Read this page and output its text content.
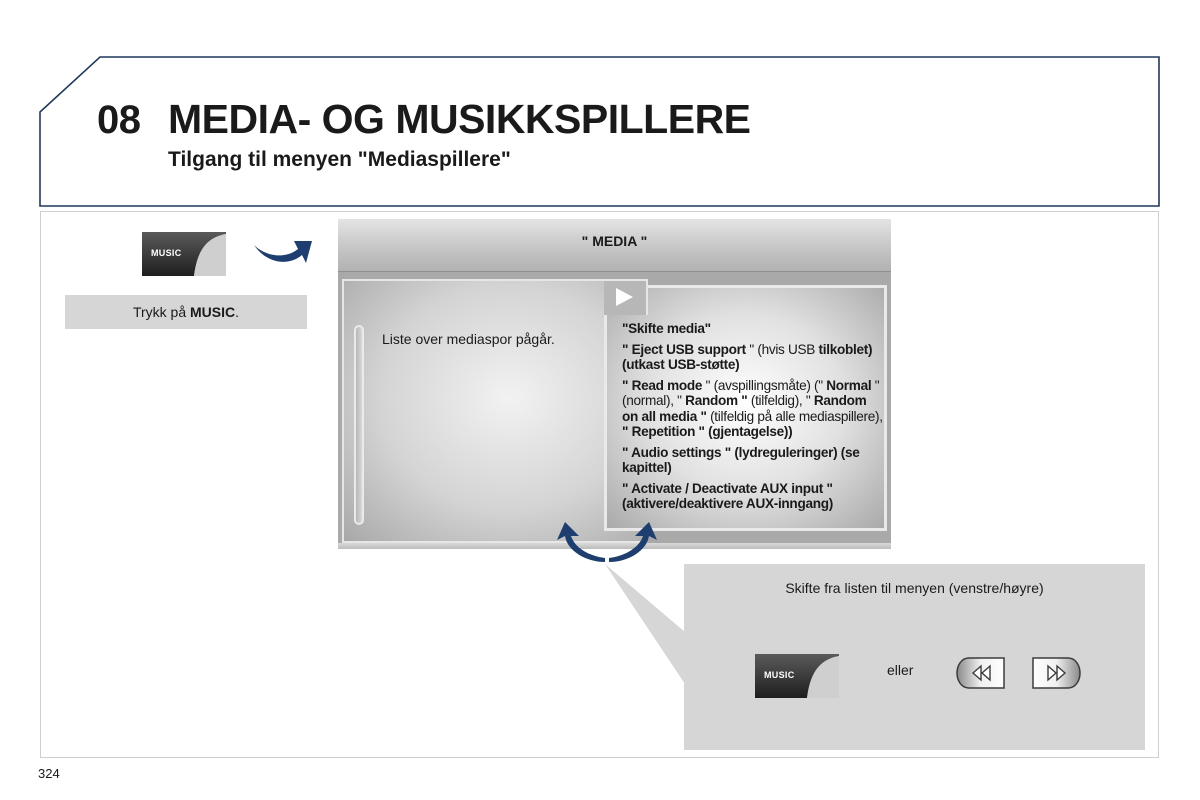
08 MEDIA- OG MUSIKKSPILLERE
Tilgang til menyen "Mediaspillere"
MUSIC
Trykk på MUSIC .
" MEDIA "
Liste over mediaspor pågår.
"Skifte media"
" Eject USB support " (hvis USB tilkoblet)(utkast USB-støtte)
" Read mode " (avspillingsmåte) (" Normal " (normal), " Random " (tilfeldig), " Random on all media " (tilfeldig på alle mediaspillere), " Repetition " (gjentagelse))
" Audio settings " (lydreguleringer) (se kapittel)
" Activate / Deactivate AUX input " (aktivere/deaktivere AUX-inngang)
Skifte fra listen til menyen (venstre/høyre)
MUSIC	eller
324
